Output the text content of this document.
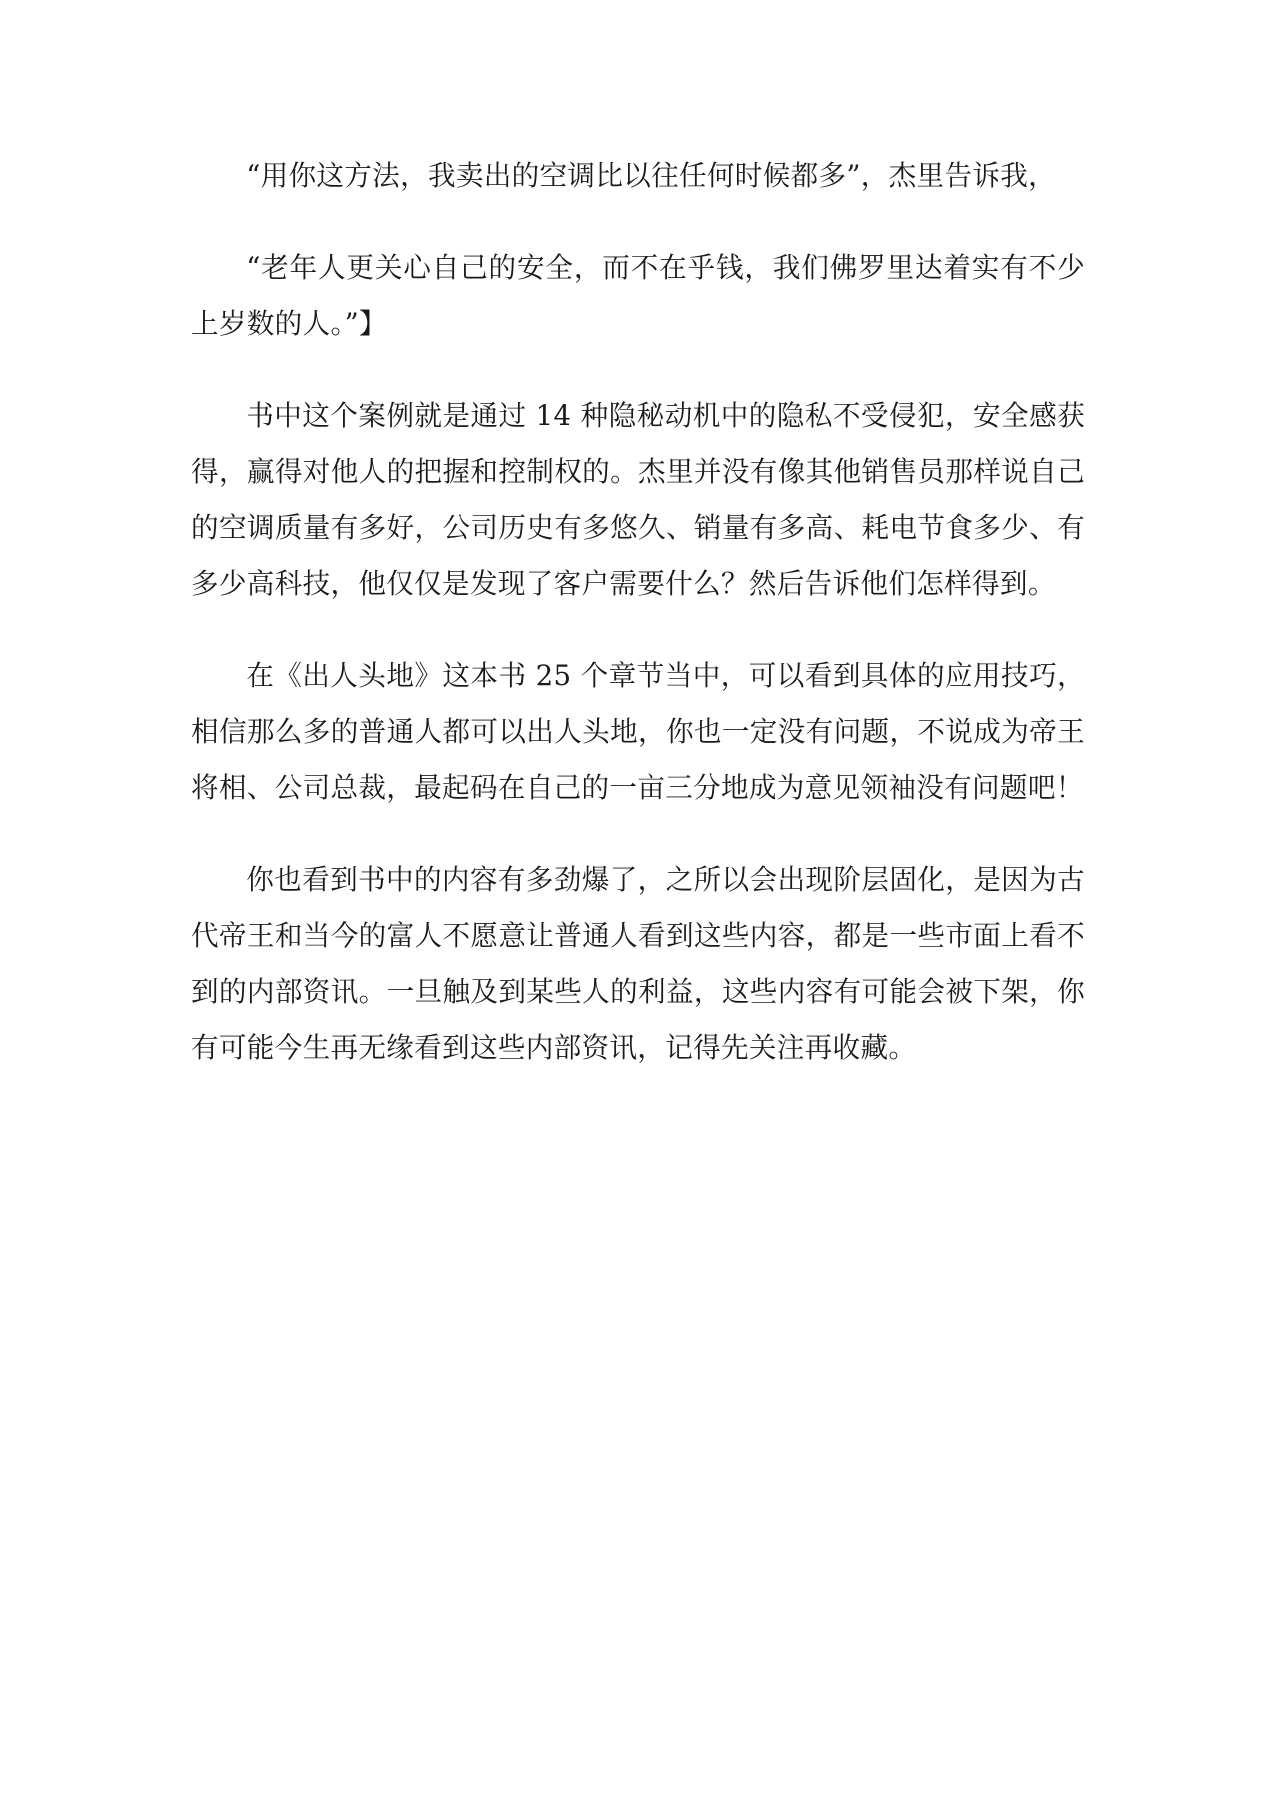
“用你这方法，我卖出的空调比以往任何时候都多”，杰里告诉我，

“老年人更关心自己的安全，而不在乎钱，我们佛罗里达着实有不少上岁数的人。”】

书中这个案例就是通过 14 种隐秘动机中的隐私不受侵犯，安全感获得，赢得对他人的把握和控制权的。杰里并没有像其他销售员那样说自己的空调质量有多好，公司历史有多悠久、销量有多高、耗电节食多少、有多少高科技，他仅仅是发现了客户需要什么？然后告诉他们怎样得到。

在《出人头地》这本书 25 个章节当中，可以看到具体的应用技巧，相信那么多的普通人都可以出人头地，你也一定没有问题，不说成为帝王将相、公司总裁，最起码在自己的一亩三分地成为意见领袖没有问题吧！

你也看到书中的内容有多劲爆了，之所以会出现阶层固化，是因为古代帝王和当今的富人不愿意让普通人看到这些内容，都是一些市面上看不到的内部资讯。一旦触及到某些人的利益，这些内容有可能会被下架，你有可能今生再无缘看到这些内部资讯，记得先关注再收藏。
